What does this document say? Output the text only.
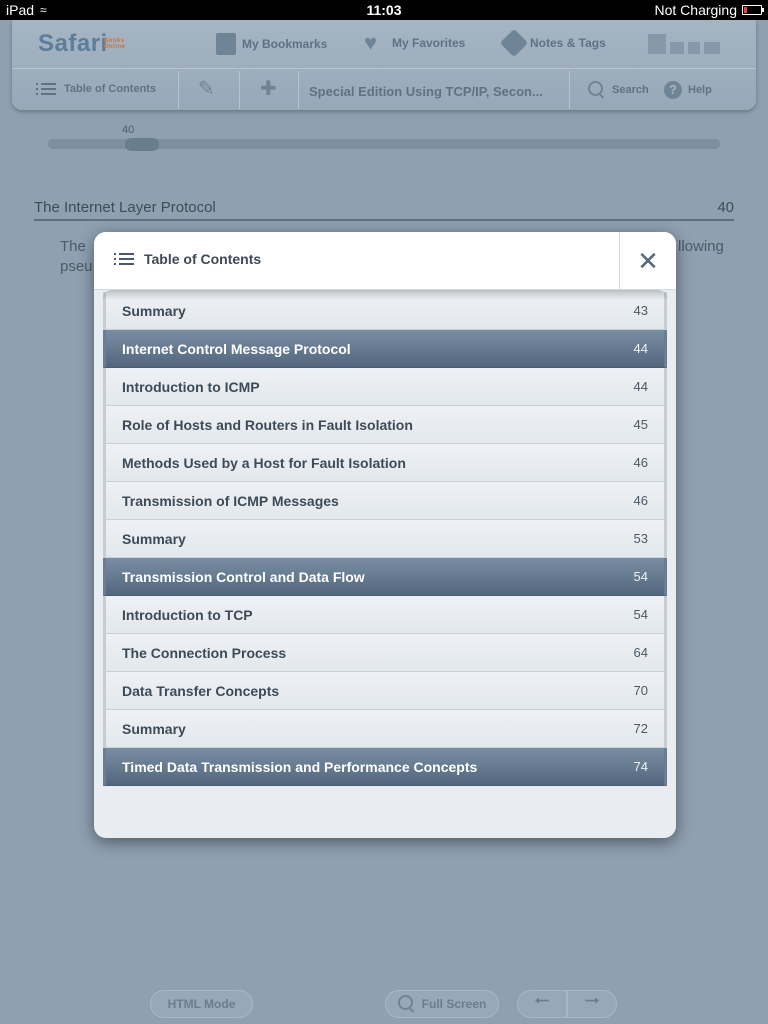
iPad ≈	11:03	Not Charging
Safari
Books Online	My Bookmarks ♥	My Favorites	Notes & Tags
Table of Contents ✎ ✚ Special Edition Using TCP/IP, Secon...	Search	?	Help
40
The Internet Layer Protocol	40
The	llowing
pseu	Table of Contents	✕
Summary	43
Internet Control Message Protocol	44
Introduction to ICMP	44
Role of Hosts and Routers in Fault Isolation	45
Methods Used by a Host for Fault Isolation	46
Transmission of ICMP Messages	46
Summary	53
Transmission Control and Data Flow	54
Introduction to TCP	54
The Connection Process	64
Data Transfer Concepts	70
Summary	72
Timed Data Transmission and Performance Concepts	74
HTML Mode	Full Screen	🠀 🠂
